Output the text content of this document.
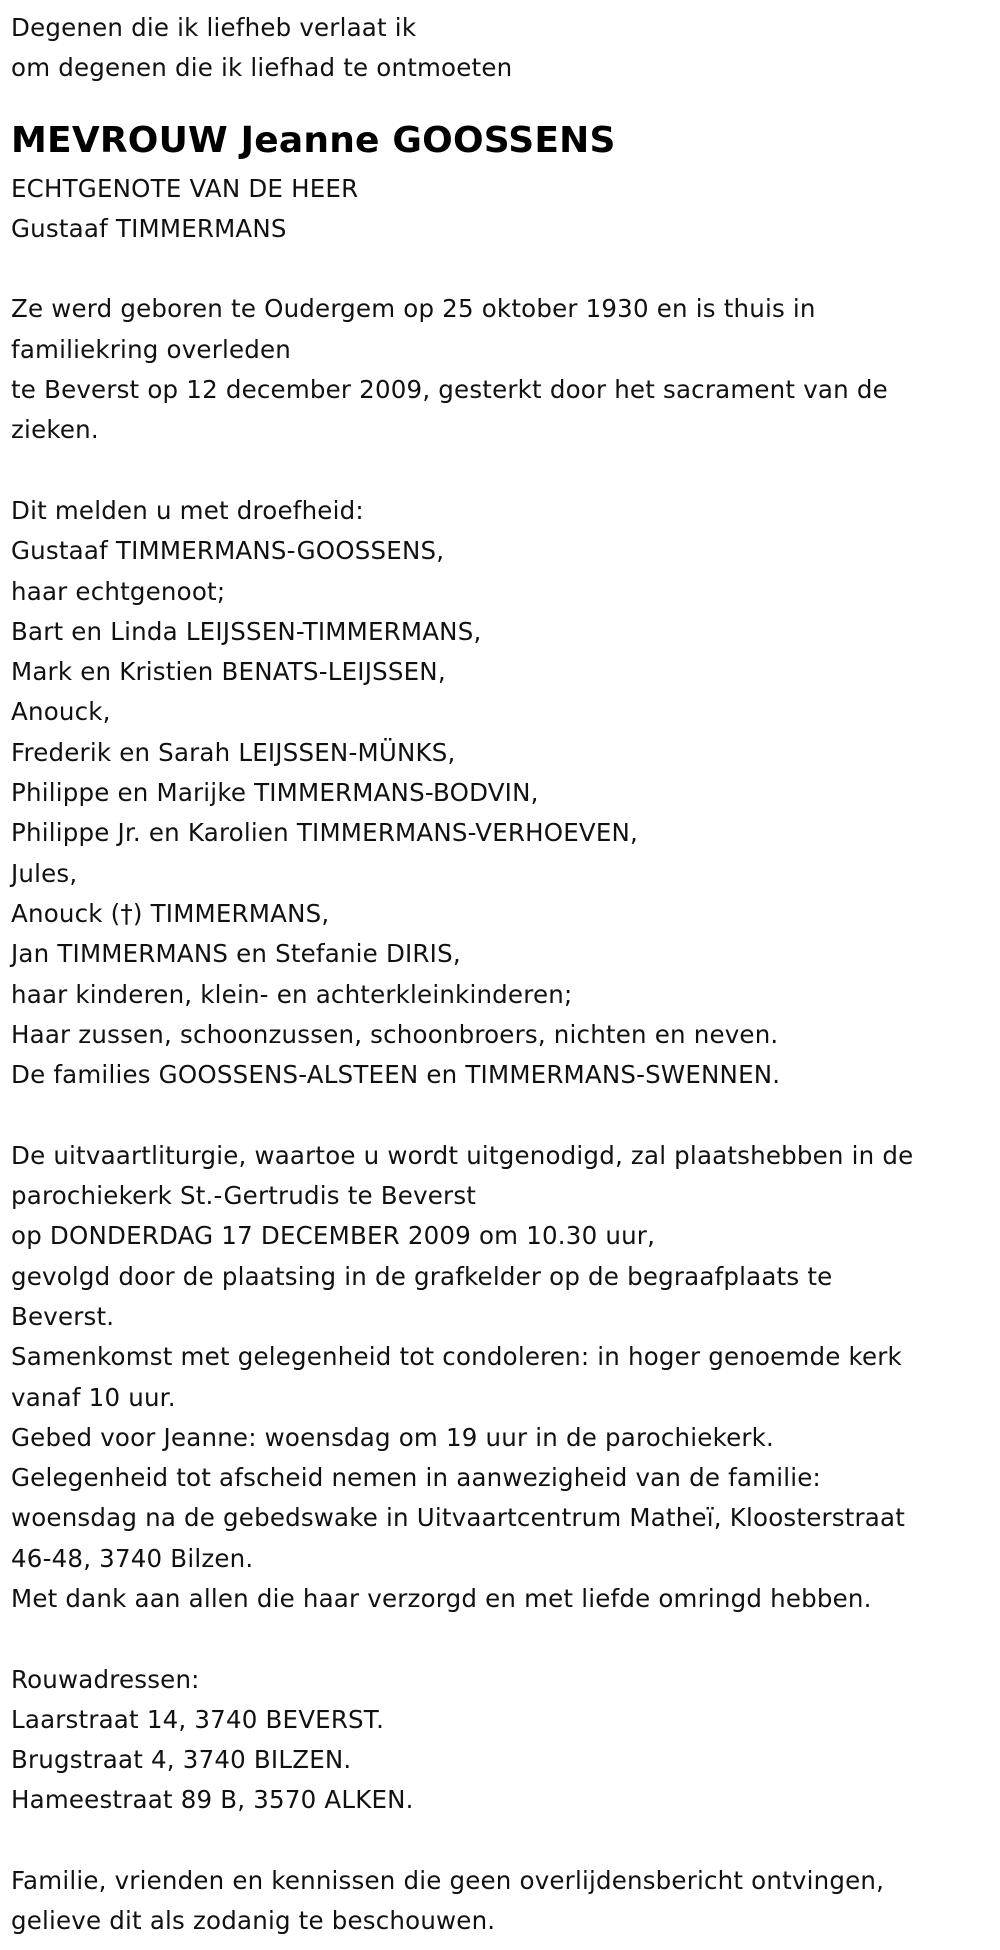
Degenen die ik liefheb verlaat ik
om degenen die ik liefhad te ontmoeten
MEVROUW Jeanne GOOSSENS
ECHTGENOTE VAN DE HEER
Gustaaf TIMMERMANS
Ze werd geboren te Oudergem op 25 oktober 1930 en is thuis in
familiekring overleden
te Beverst op 12 december 2009, gesterkt door het sacrament van de
zieken.
Dit melden u met droefheid:
Gustaaf TIMMERMANS-GOOSSENS,
haar echtgenoot;
Bart en Linda LEIJSSEN-TIMMERMANS,
Mark en Kristien BENATS-LEIJSSEN,
Anouck,
Frederik en Sarah LEIJSSEN-MÜNKS,
Philippe en Marijke TIMMERMANS-BODVIN,
Philippe Jr. en Karolien TIMMERMANS-VERHOEVEN,
Jules,
Anouck (†) TIMMERMANS,
Jan TIMMERMANS en Stefanie DIRIS,
haar kinderen, klein- en achterkleinkinderen;
Haar zussen, schoonzussen, schoonbroers, nichten en neven.
De families GOOSSENS-ALSTEEN en TIMMERMANS-SWENNEN.
De uitvaartliturgie, waartoe u wordt uitgenodigd, zal plaatshebben in de
parochiekerk St.-Gertrudis te Beverst
op DONDERDAG 17 DECEMBER 2009 om 10.30 uur,
gevolgd door de plaatsing in de grafkelder op de begraafplaats te
Beverst.
Samenkomst met gelegenheid tot condoleren: in hoger genoemde kerk
vanaf 10 uur.
Gebed voor Jeanne: woensdag om 19 uur in de parochiekerk.
Gelegenheid tot afscheid nemen in aanwezigheid van de familie:
woensdag na de gebedswake in Uitvaartcentrum Matheï, Kloosterstraat
46-48, 3740 Bilzen.
Met dank aan allen die haar verzorgd en met liefde omringd hebben.
Rouwadressen:
Laarstraat 14, 3740 BEVERST.
Brugstraat 4, 3740 BILZEN.
Hameestraat 89 B, 3570 ALKEN.
Familie, vrienden en kennissen die geen overlijdensbericht ontvingen,
gelieve dit als zodanig te beschouwen.
